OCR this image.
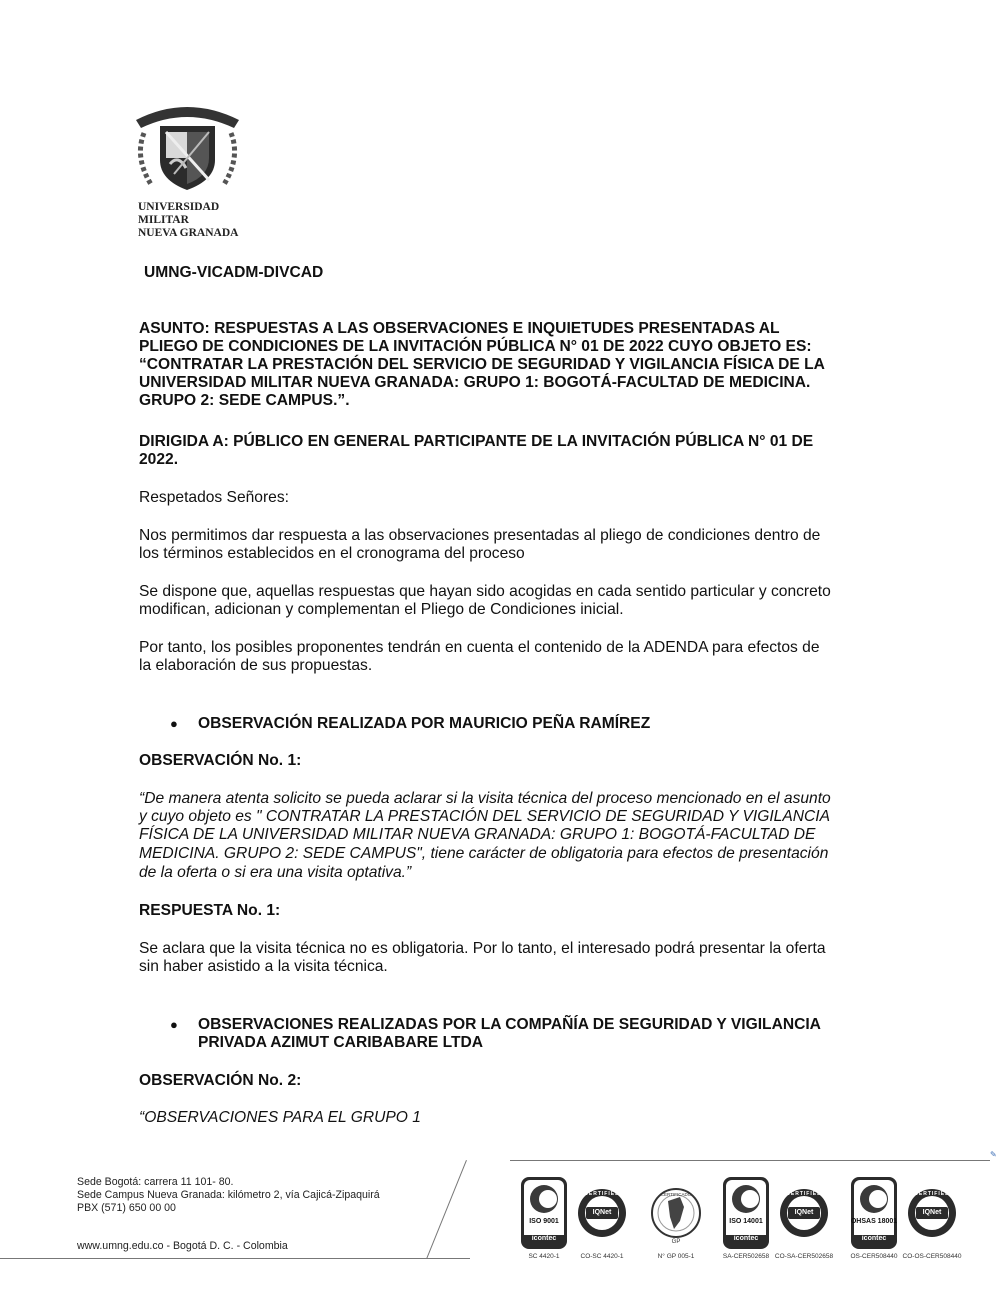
UNIVERSIDAD MILITAR
NUEVA GRANADA
UMNG-VICADM-DIVCAD
ASUNTO: RESPUESTAS A LAS OBSERVACIONES E INQUIETUDES PRESENTADAS AL
PLIEGO DE CONDICIONES DE LA INVITACIÓN PÚBLICA N° 01 DE 2022 CUYO OBJETO ES:
“CONTRATAR LA PRESTACIÓN DEL SERVICIO DE SEGURIDAD Y VIGILANCIA FÍSICA DE LA
UNIVERSIDAD MILITAR NUEVA GRANADA: GRUPO 1: BOGOTÁ-FACULTAD DE MEDICINA.
GRUPO 2: SEDE CAMPUS.”.
DIRIGIDA A: PÚBLICO EN GENERAL PARTICIPANTE DE LA INVITACIÓN PÚBLICA N° 01 DE
2022.
Respetados Señores:
Nos permitimos dar respuesta a las observaciones presentadas al pliego de condiciones dentro de
los términos establecidos en el cronograma del proceso
Se dispone que, aquellas respuestas que hayan sido acogidas en cada sentido particular y concreto
modifican, adicionan y complementan el Pliego de Condiciones inicial.
Por tanto, los posibles proponentes tendrán en cuenta el contenido de la ADENDA para efectos de
la elaboración de sus propuestas.
● OBSERVACIÓN REALIZADA POR MAURICIO PEÑA RAMÍREZ
OBSERVACIÓN No. 1:
“De manera atenta solicito se pueda aclarar si la visita técnica del proceso mencionado en el asunto
y cuyo objeto es " CONTRATAR LA PRESTACIÓN DEL SERVICIO DE SEGURIDAD Y VIGILANCIA
FÍSICA DE LA UNIVERSIDAD MILITAR NUEVA GRANADA: GRUPO 1: BOGOTÁ-FACULTAD DE
MEDICINA. GRUPO 2: SEDE CAMPUS", tiene carácter de obligatoria para efectos de presentación
de la oferta o si era una visita optativa.”
RESPUESTA No. 1:
Se aclara que la visita técnica no es obligatoria. Por lo tanto, el interesado podrá presentar la oferta
sin haber asistido a la visita técnica.
● OBSERVACIONES REALIZADAS POR LA COMPAÑÍA DE SEGURIDAD Y VIGILANCIA
PRIVADA AZIMUT CARIBABARE LTDA
OBSERVACIÓN No. 2:
“OBSERVACIONES PARA EL GRUPO 1
Sede Bogotá: carrera 11 101- 80.
Sede Campus Nueva Granada: kilómetro 2, vía Cajicá-Zipaquirá
PBX (571) 650 00 00
www.umng.edu.co - Bogotá D. C. - Colombia
✎
ISO 9001
icontec
SC 4420-1
IQNet
CERTIFIED
CO-SC 4420-1
GP
CERTIFICADO
N° GP 005-1
ISO 14001
icontec
SA-CER502658
IQNet
CERTIFIED
CO-SA-CER502658
OHSAS 18001
icontec
OS-CER508440
IQNet
CERTIFIED
CO-OS-CER508440
